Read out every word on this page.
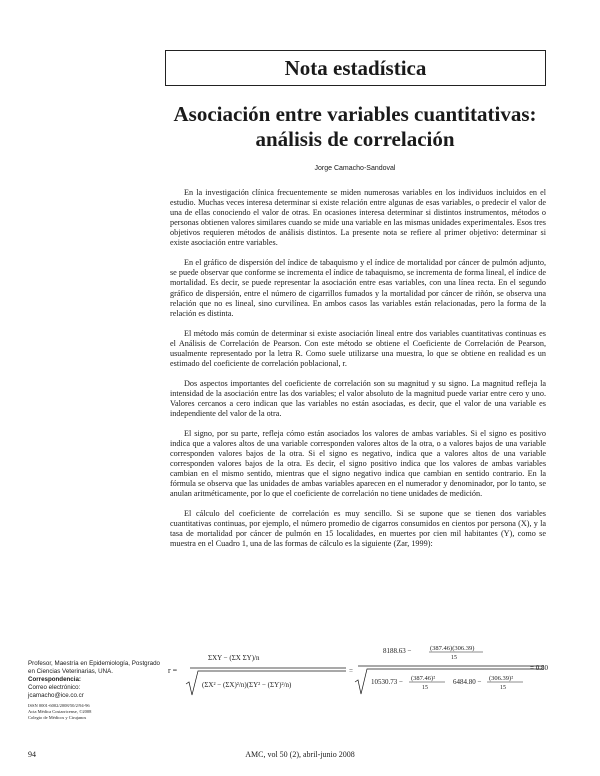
Nota estadística
Asociación entre variables cuantitativas:
análisis de correlación
Jorge Camacho-Sandoval

En la investigación clínica frecuentemente se miden numerosas variables en los individuos incluidos en el estudio. Muchas veces interesa determinar si existe relación entre algunas de esas variables, o predecir el valor de una de ellas conociendo el valor de otras. En ocasiones interesa determinar si distintos instrumentos, métodos o personas obtienen valores similares cuando se mide una variable en las mismas unidades experimentales. Esos tres objetivos requieren métodos de análisis distintos. La presente nota se refiere al primer objetivo: determinar si existe asociación entre variables.

En el gráfico de dispersión del índice de tabaquismo y el índice de mortalidad por cáncer de pulmón adjunto, se puede observar que conforme se incrementa el índice de tabaquismo, se incrementa de forma lineal, el índice de mortalidad. Es decir, se puede representar la asociación entre esas variables, con una línea recta. En el segundo gráfico de dispersión, entre el número de cigarrillos fumados y la mortalidad por cáncer de riñón, se observa una relación que no es lineal, sino curvilínea. En ambos casos las variables están relacionadas, pero la forma de la relación es distinta.

El método más común de determinar si existe asociación lineal entre dos variables cuantitativas continuas es el Análisis de Correlación de Pearson. Con este método se obtiene el Coeficiente de Correlación de Pearson, usualmente representado por la letra R. Como suele utilizarse una muestra, lo que se obtiene en realidad es un estimado del coeficiente de correlación poblacional, r.

Dos aspectos importantes del coeficiente de correlación son su magnitud y su signo. La magnitud refleja la intensidad de la asociación entre las dos variables; el valor absoluto de la magnitud puede variar entre cero y uno. Valores cercanos a cero indican que las variables no están asociadas, es decir, que el valor de una variable es independiente del valor de la otra.

El signo, por su parte, refleja cómo están asociados los valores de ambas variables. Si el signo es positivo indica que a valores altos de una variable corresponden valores altos de la otra, o a valores bajos de una variable corresponden valores bajos de la otra. Si el signo es negativo, indica que a valores altos de una variable corresponden valores bajos de la otra. Es decir, el signo positivo indica que los valores de ambas variables cambian en el mismo sentido, mientras que el signo negativo indica que cambian en sentido contrario. En la fórmula se observa que las unidades de ambas variables aparecen en el numerador y denominador, por lo tanto, se anulan aritméticamente, por lo que el coeficiente de correlación no tiene unidades de medición.

El cálculo del coeficiente de correlación es muy sencillo. Si se supone que se tienen dos variables cuantitativas continuas, por ejemplo, el número promedio de cigarros consumidos en cientos por persona (X), y la tasa de mortalidad por cáncer de pulmón en 15 localidades, en muertes por cien mil habitantes (Y), como se muestra en el Cuadro 1, una de las formas de cálculo es la siguiente (Zar, 1999):

Profesor, Maestría en Epidemiología, Postgrado en Ciencias Veterinarias, UNA.
Correspondencia:
Correo electrónico:
jcamacho@ice.co.cr
ISSN 0001-6002/2008/50/2/94-96
Acta Médica Costarricense, ©2008
Colegio de Médicos y Cirujanos
r =
ΣXY − (ΣX ΣY)/n
(ΣX² − (ΣX)²/n)(ΣY² − (ΣY)²/n)
=
8188.63 −	(387.46)(306.39)
15
10530.73 − (387.46)²
15
6484.80 − (306.39)²
15
= 0.80
94	AMC, vol 50 (2), abril-junio 2008
